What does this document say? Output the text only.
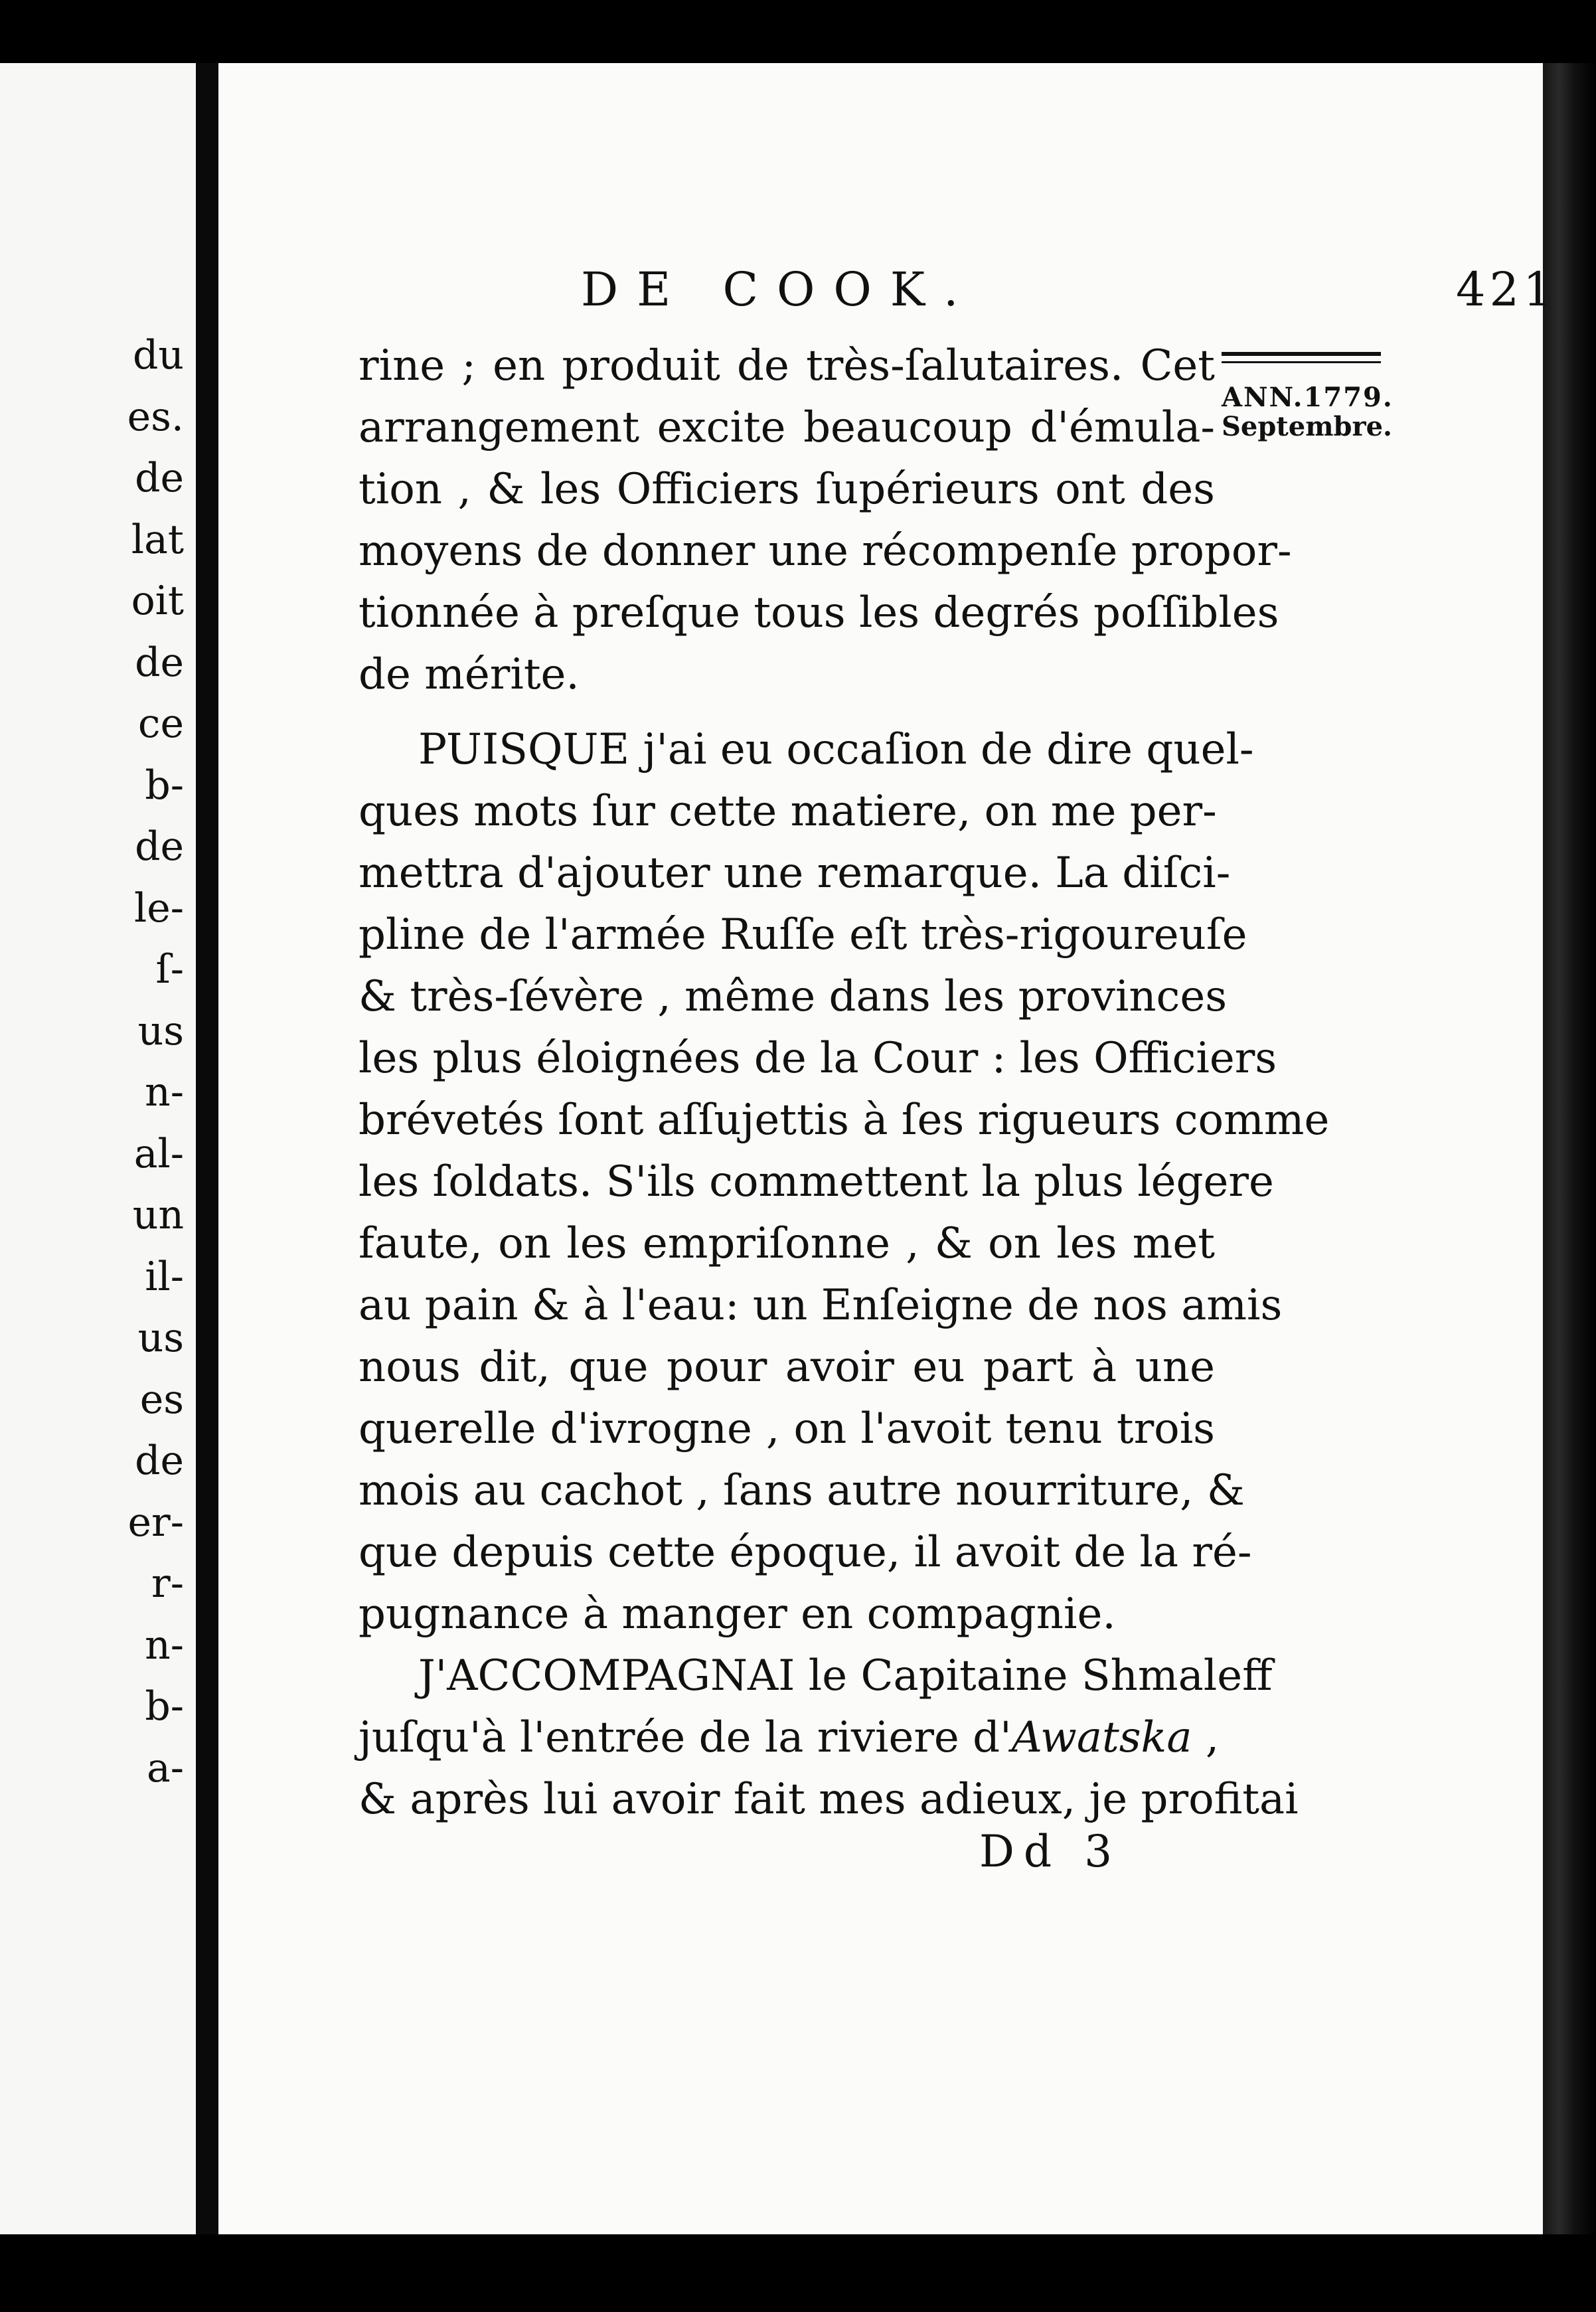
du
es.
de
lat
oit
de
ce
b-
de
le-
ſ-
us
n-
al-
un
il-
us
es
de
er-
r-
n-
b-
a-
DE COOK.	421
ANN.1779.
Septembre.
rine ; en produit de très-ſalutaires. Cet
arrangement excite beaucoup d'émula-
tion , & les Officiers ſupérieurs ont des
moyens de donner une récompenſe propor-
tionnée à preſque tous les degrés poſſibles
de mérite.
PUISQUE j'ai eu occaſion de dire quel-
ques mots ſur cette matiere, on me per-
mettra d'ajouter une remarque. La diſci-
pline de l'armée Ruſſe eſt très-rigoureuſe
& très-ſévère , même dans les provinces
les plus éloignées de la Cour : les Officiers
brévetés ſont aſſujettis à ſes rigueurs comme
les ſoldats. S'ils commettent la plus légere
faute, on les empriſonne , & on les met
au pain & à l'eau: un Enſeigne de nos amis
nous dit, que pour avoir eu part à une
querelle d'ivrogne , on l'avoit tenu trois
mois au cachot , ſans autre nourriture, &
que depuis cette époque, il avoit de la ré-
pugnance à manger en compagnie.
J'ACCOMPAGNAI le Capitaine Shmaleff
juſqu'à l'entrée de la riviere d'Awatska ,
& après lui avoir fait mes adieux, je profitai
Dd 3
